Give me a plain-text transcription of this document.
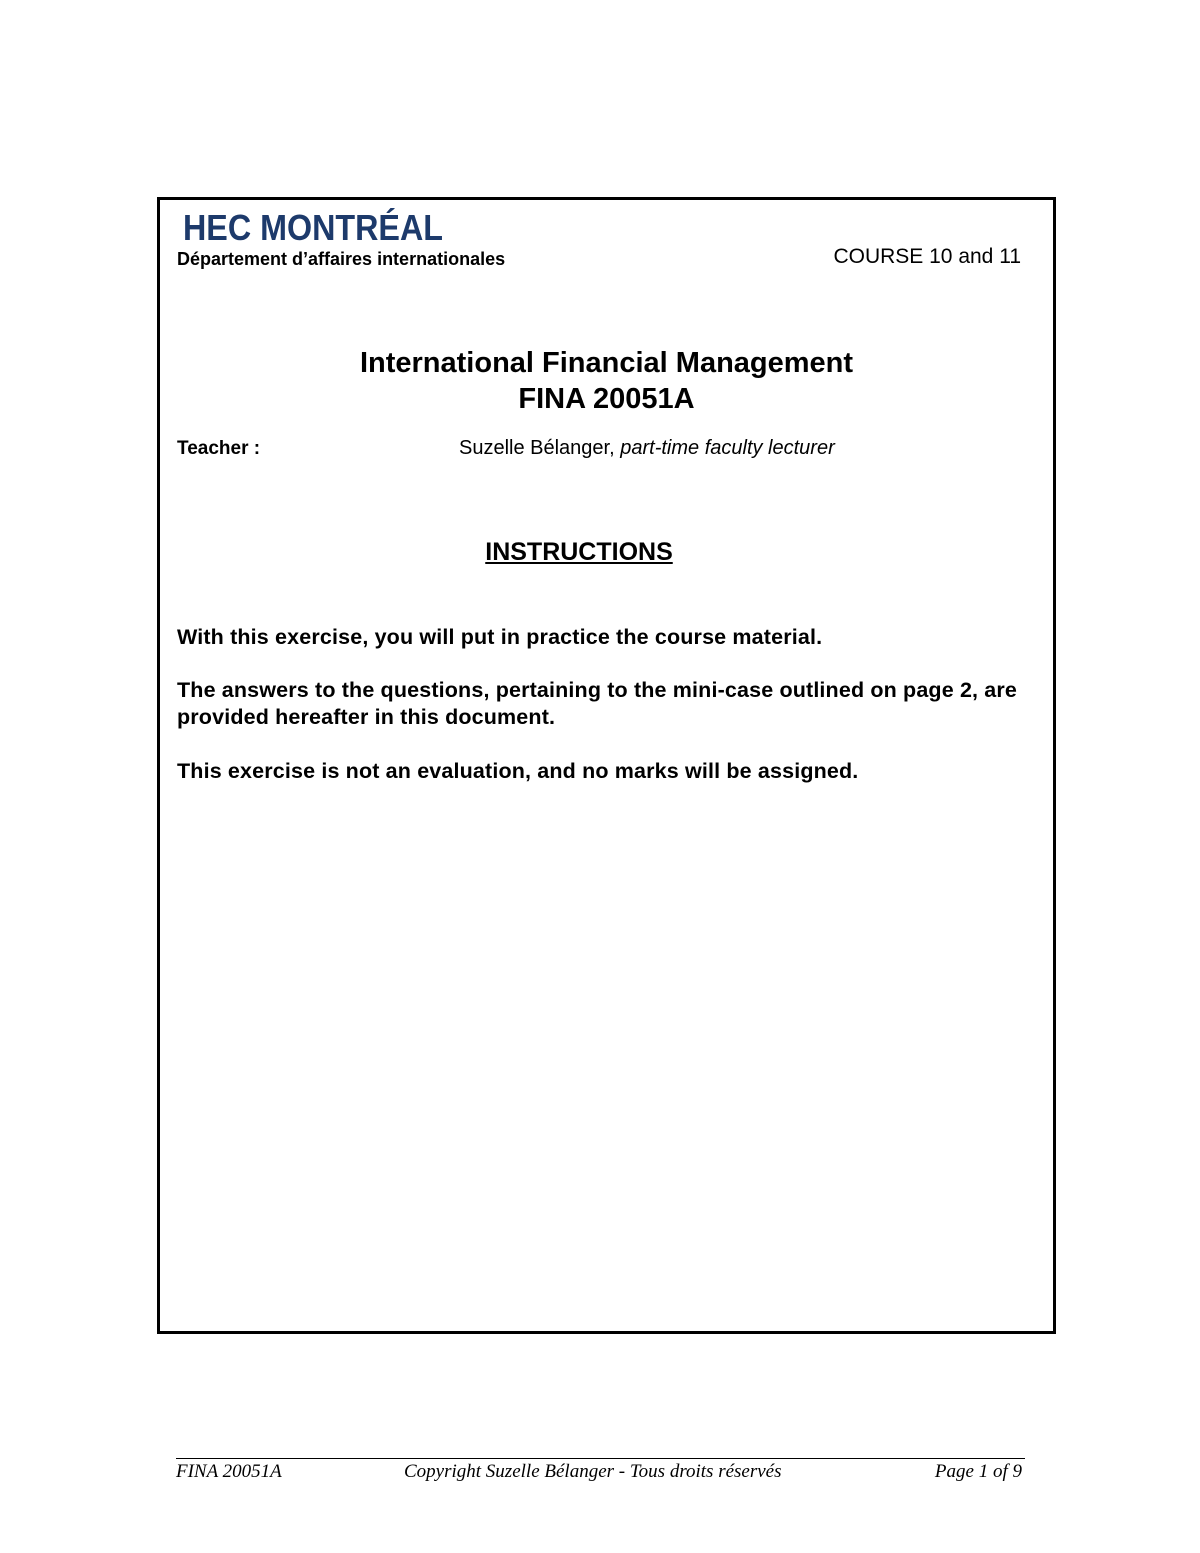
HEC MONTRÉAL
Département d’affaires internationales	COURSE 10 and 11
International Financial Management
FINA 20051A
Teacher :	Suzelle Bélanger, part-time faculty lecturer
INSTRUCTIONS
With this exercise, you will put in practice the course material.
The answers to the questions, pertaining to the mini-case outlined on page 2, are provided hereafter in this document.
This exercise is not an evaluation, and no marks will be assigned.
FINA 20051A	Copyright Suzelle Bélanger - Tous droits réservés	Page 1 of 9
